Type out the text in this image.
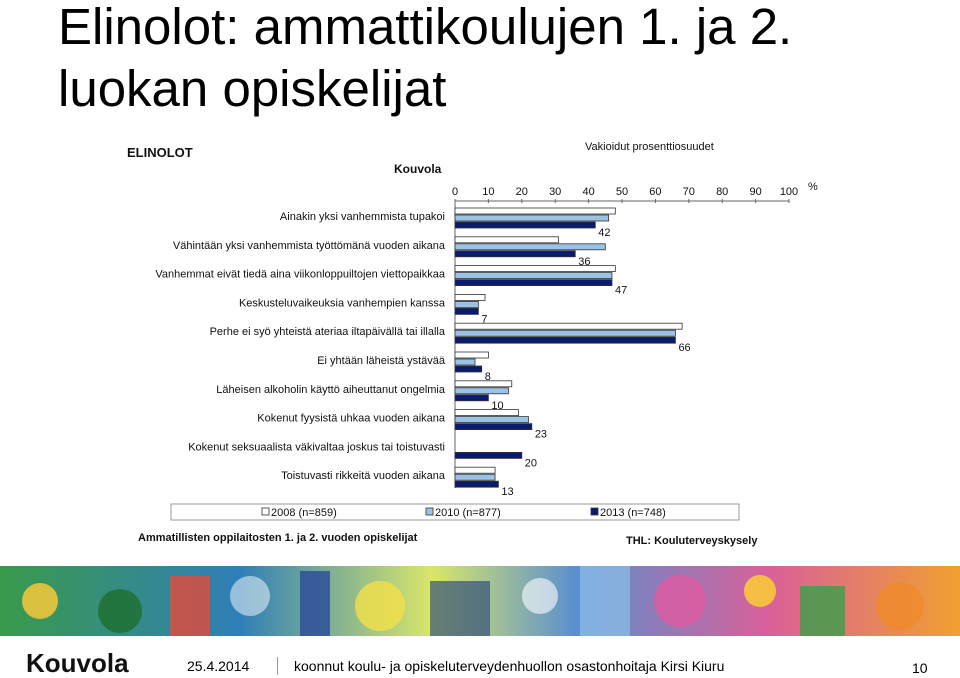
Elinolot: ammattikoulujen 1. ja 2. luokan opiskelijat
ELINOLOT
Kouvola
Vakioidut prosenttiosuudet
%
0 10 20 30 40 50 60 70 80 90 100
Ainakin yksi vanhemmista tupakoi
Vähintään yksi vanhemmista työttömänä vuoden aikana
Vanhemmat eivät tiedä aina viikonloppuiltojen viettopaikkaa
Keskusteluvaikeuksia vanhempien kanssa
Perhe ei syö yhteistä ateriaa iltapäivällä tai illalla
Ei yhtään läheistä ystävää
Läheisen alkoholin käyttö aiheuttanut ongelmia
Kokenut fyysistä uhkaa vuoden aikana
Kokenut seksuaalista väkivaltaa joskus tai toistuvasti
Toistuvasti rikkeitä vuoden aikana
42
36
47
7
66
8
10
23
20
13
2008 (n=859)	2010 (n=877)	2013 (n=748)
Ammatillisten oppilaitosten 1. ja 2. vuoden opiskelijat	THL: Kouluterveyskysely
Kouvola	25.4.2014	koonnut koulu- ja opiskeluterveydenhuollon osastonhoitaja Kirsi Kiuru	10
